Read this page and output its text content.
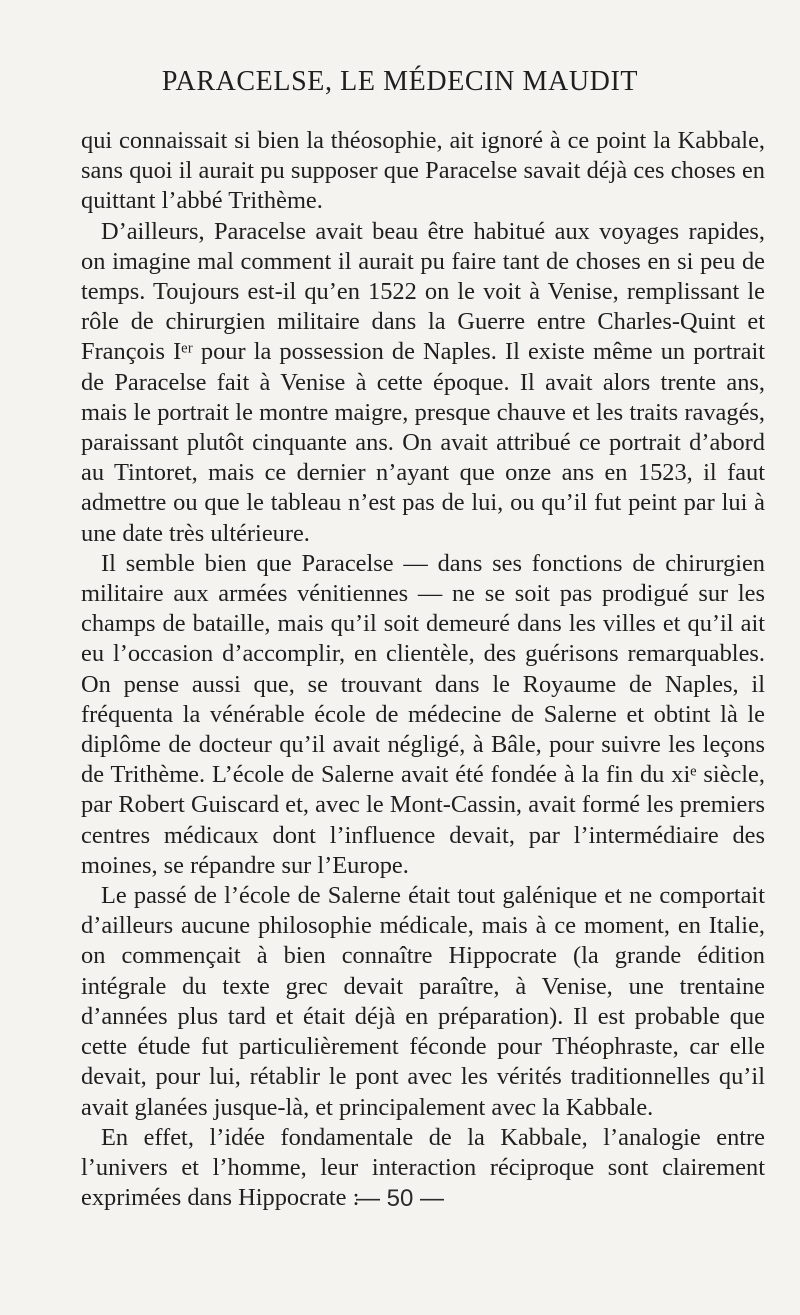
PARACELSE, LE MÉDECIN MAUDIT

qui connaissait si bien la théosophie, ait ignoré à ce point la Kabbale, sans quoi il aurait pu supposer que Paracelse savait déjà ces choses en quittant l’abbé Trithème.

D’ailleurs, Paracelse avait beau être habitué aux voyages rapides, on imagine mal comment il aurait pu faire tant de choses en si peu de temps. Toujours est-il qu’en 1522 on le voit à Venise, remplissant le rôle de chirurgien militaire dans la Guerre entre Charles-Quint et François Iᵉʳ pour la possession de Naples. Il existe même un portrait de Paracelse fait à Venise à cette époque. Il avait alors trente ans, mais le portrait le montre maigre, presque chauve et les traits ravagés, paraissant plutôt cinquante ans. On avait attribué ce portrait d’abord au Tintoret, mais ce dernier n’ayant que onze ans en 1523, il faut admettre ou que le tableau n’est pas de lui, ou qu’il fut peint par lui à une date très ultérieure.

Il semble bien que Paracelse — dans ses fonctions de chirurgien militaire aux armées vénitiennes — ne se soit pas prodigué sur les champs de bataille, mais qu’il soit demeuré dans les villes et qu’il ait eu l’occasion d’accomplir, en clientèle, des guérisons remarquables. On pense aussi que, se trouvant dans le Royaume de Naples, il fréquenta la vénérable école de médecine de Salerne et obtint là le diplôme de docteur qu’il avait négligé, à Bâle, pour suivre les leçons de Trithème. L’école de Salerne avait été fondée à la fin du xiᵉ siècle, par Robert Guiscard et, avec le Mont-Cassin, avait formé les premiers centres médicaux dont l’influence devait, par l’intermédiaire des moines, se répandre sur l’Europe.

Le passé de l’école de Salerne était tout galénique et ne comportait d’ailleurs aucune philosophie médicale, mais à ce moment, en Italie, on commençait à bien connaître Hippocrate (la grande édition intégrale du texte grec devait paraître, à Venise, une trentaine d’années plus tard et était déjà en préparation). Il est probable que cette étude fut particulièrement féconde pour Théophraste, car elle devait, pour lui, rétablir le pont avec les vérités traditionnelles qu’il avait glanées jusque-là, et principalement avec la Kabbale.

En effet, l’idée fondamentale de la Kabbale, l’analogie entre l’univers et l’homme, leur interaction réciproque sont clairement exprimées dans Hippocrate :

— 50 —
